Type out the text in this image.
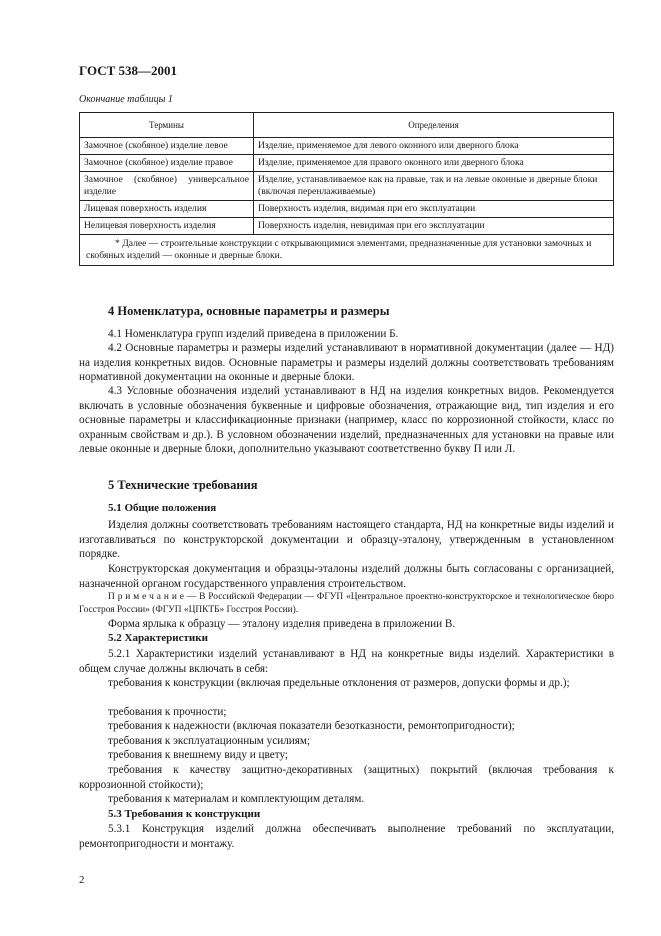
ГОСТ 538—2001
Окончание таблицы 1
Термины	Определения
Замочное (скобяное) изделие левое	Изделие, применяемое для левого оконного или дверного блока
Замочное (скобяное) изделие правое	Изделие, применяемое для правого оконного или дверного блока
Замочное (скобяное) универсальное изделие	Изделие, устанавливаемое как на правые, так и на левые оконные и дверные блоки (включая перенлаживаемые)
Лицевая поверхность изделия	Поверхность изделия, видимая при его эксплуатации
Нелицевая поверхность изделия	Поверхность изделия, невидимая при его эксплуатации
* Далее — строительные конструкции с открывающимися элементами, предназначенные для установки замочных и скобяных изделий — оконные и дверные блоки.	
4 Номенклатура, основные параметры и размеры
4.1 Номенклатура групп изделий приведена в приложении Б.
4.2 Основные параметры и размеры изделий устанавливают в нормативной документации (далее — НД) на изделия конкретных видов. Основные параметры и размеры изделий должны соответствовать требованиям нормативной документации на оконные и дверные блоки.
4.3 Условные обозначения изделий устанавливают в НД на изделия конкретных видов. Рекомендуется включать в условные обозначения буквенные и цифровые обозначения, отражающие вид, тип изделия и его основные параметры и классификационные признаки (например, класс по коррозионной стойкости, класс по охранным свойствам и др.). В условном обозначении изделий, предназначенных для установки на правые или левые оконные и дверные блоки, дополнительно указывают соответственно букву П или Л.
5 Технические требования
5.1 Общие положения
Изделия должны соответствовать требованиям настоящего стандарта, НД на конкретные виды изделий и изготавливаться по конструкторской документации и образцу-эталону, утвержденным в установленном порядке.
Конструкторская документация и образцы-эталоны изделий должны быть согласованы с организацией, назначенной органом государственного управления строительством.
П р и м е ч а н и е — В Российской Федерации — ФГУП «Центральное проектно-конструкторское и технологическое бюро Госстроя России» (ФГУП «ЦПКТБ» Госстроя России).
Форма ярлыка к образцу — эталону изделия приведена в приложении В.
5.2 Характеристики
5.2.1 Характеристики изделий устанавливают в НД на конкретные виды изделий. Характеристики в общем случае должны включать в себя:
требования к конструкции (включая предельные отклонения от размеров, допуски формы и др.);
требования к прочности;
требования к надежности (включая показатели безотказности, ремонтопригодности);
требования к эксплуатационным усилиям;
требования к внешнему виду и цвету;
требования к качеству защитно-декоративных (защитных) покрытий (включая требования к коррозионной стойкости);
требования к материалам и комплектующим деталям.
5.3 Требования к конструкции
5.3.1 Конструкция изделий должна обеспечивать выполнение требований по эксплуатации, ремонтопригодности и монтажу.
2
